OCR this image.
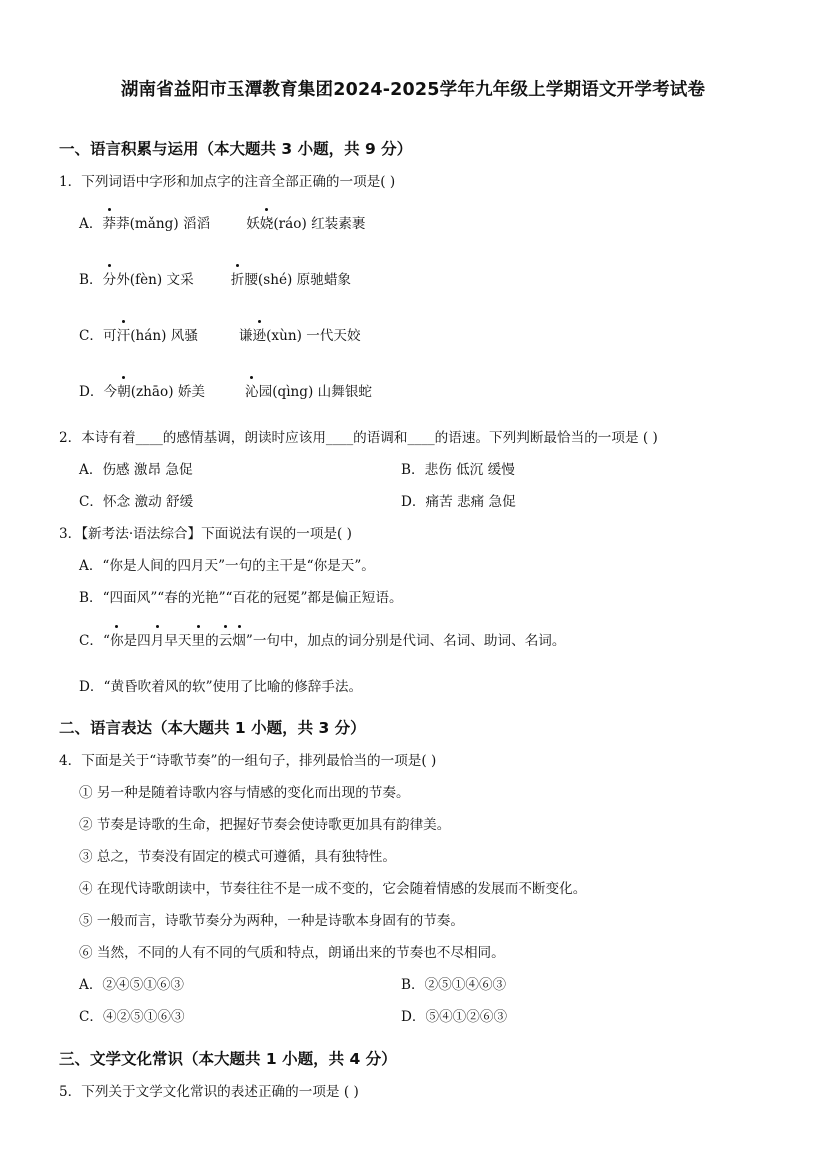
湖南省益阳市玉潭教育集团2024-2025学年九年级上学期语文开学考试卷
一、语言积累与运用（本大题共 3 小题，共 9 分）
1．下列词语中字形和加点字的注音全部正确的一项是( )
A．莽莽(mǎng) 滔滔	妖娆(ráo) 红装素裹
B．分外(fèn) 文采	折腰(shé) 原驰蜡象
C．可汗(hán) 风骚	谦逊(xùn) 一代天姣
D．今朝(zhāo) 娇美	沁园(qìng) 山舞银蛇
2．本诗有着____的感情基调，朗读时应该用____的语调和____的语速。下列判断最恰当的一项是 ( )
A．伤感 激昂 急促	B．悲伤 低沉 缓慢
C．怀念 激动 舒缓	D．痛苦 悲痛 急促
3．【新考法·语法综合】下面说法有误的一项是( )
A．“你是人间的四月天”一句的主干是“你是天”。
B．“四面风”“春的光艳”“百花的冠冕”都是偏正短语。
C．“你是四月早天里的云烟”一句中，加点的词分别是代词、名词、助词、名词。
D．“黄昏吹着风的软”使用了比喻的修辞手法。
二、语言表达（本大题共 1 小题，共 3 分）
4．下面是关于“诗歌节奏”的一组句子，排列最恰当的一项是( )
① 另一种是随着诗歌内容与情感的变化而出现的节奏。
② 节奏是诗歌的生命，把握好节奏会使诗歌更加具有韵律美。
③ 总之，节奏没有固定的模式可遵循，具有独特性。
④ 在现代诗歌朗读中，节奏往往不是一成不变的，它会随着情感的发展而不断变化。
⑤ 一般而言，诗歌节奏分为两种，一种是诗歌本身固有的节奏。
⑥ 当然，不同的人有不同的气质和特点，朗诵出来的节奏也不尽相同。
A．②④⑤①⑥③	B．②⑤①④⑥③
C．④②⑤①⑥③	D．⑤④①②⑥③
三、文学文化常识（本大题共 1 小题，共 4 分）
5．下列关于文学文化常识的表述正确的一项是 ( )
